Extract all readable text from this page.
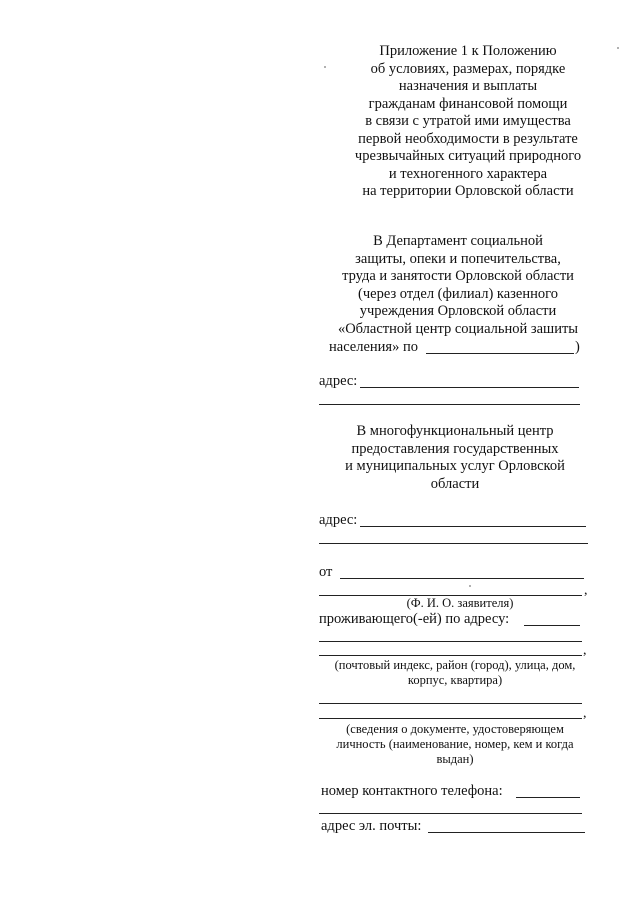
Приложение 1 к Положению
об условиях, размерах, порядке
назначения и выплаты
гражданам финансовой помощи
в связи с утратой ими имущества
первой необходимости в результате
чрезвычайных ситуаций природного
и техногенного характера
на территории Орловской области
В Департамент социальной
защиты, опеки и попечительства,
труда и занятости Орловской области
(через отдел (филиал) казенного
учреждения Орловской области
«Областной центр социальной зашиты
населения» по	)
адрес:
В многофункциональный центр
предоставления государственных
и муниципальных услуг Орловской
области
адрес:
от
,
(Ф. И. О. заявителя)
проживающего(-ей) по адресу:
,
(почтовый индекс, район (город), улица, дом,
корпус, квартира)
,
(сведения о документе, удостоверяющем
личность (наименование, номер, кем и когда
выдан)
номер контактного телефона:
адрес эл. почты:
